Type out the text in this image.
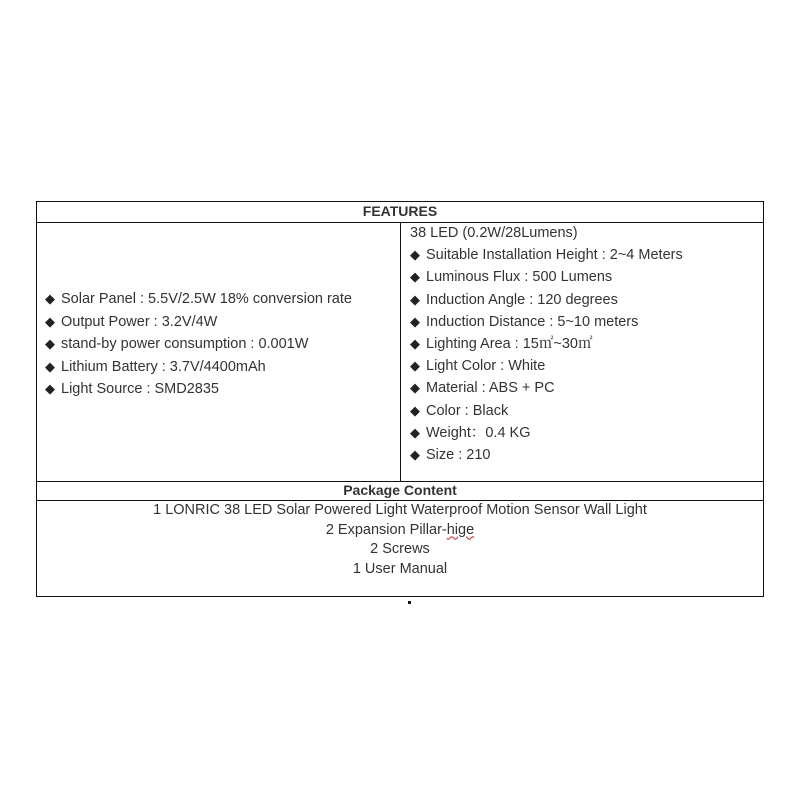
FEATURES
◆ Solar Panel : 5.5V/2.5W 18% conversion rate
◆ Output Power : 3.2V/4W
◆ stand-by power consumption : 0.001W
◆ Lithium Battery : 3.7V/4400mAh
◆ Light Source : SMD2835
38 LED (0.2W/28Lumens)
◆ Suitable Installation Height : 2~4 Meters
◆ Luminous Flux : 500 Lumens
◆ Induction Angle : 120 degrees
◆ Induction Distance : 5~10 meters
◆ Lighting Area : 15㎡~30㎡
◆ Light Color : White
◆ Material : ABS + PC
◆ Color : Black
◆ Weight：0.4 KG
◆ Size : 210
Package Content
1 LONRIC 38 LED Solar Powered Light Waterproof Motion Sensor Wall Light
2 Expansion Pillar-hige
2 Screws
1 User Manual
